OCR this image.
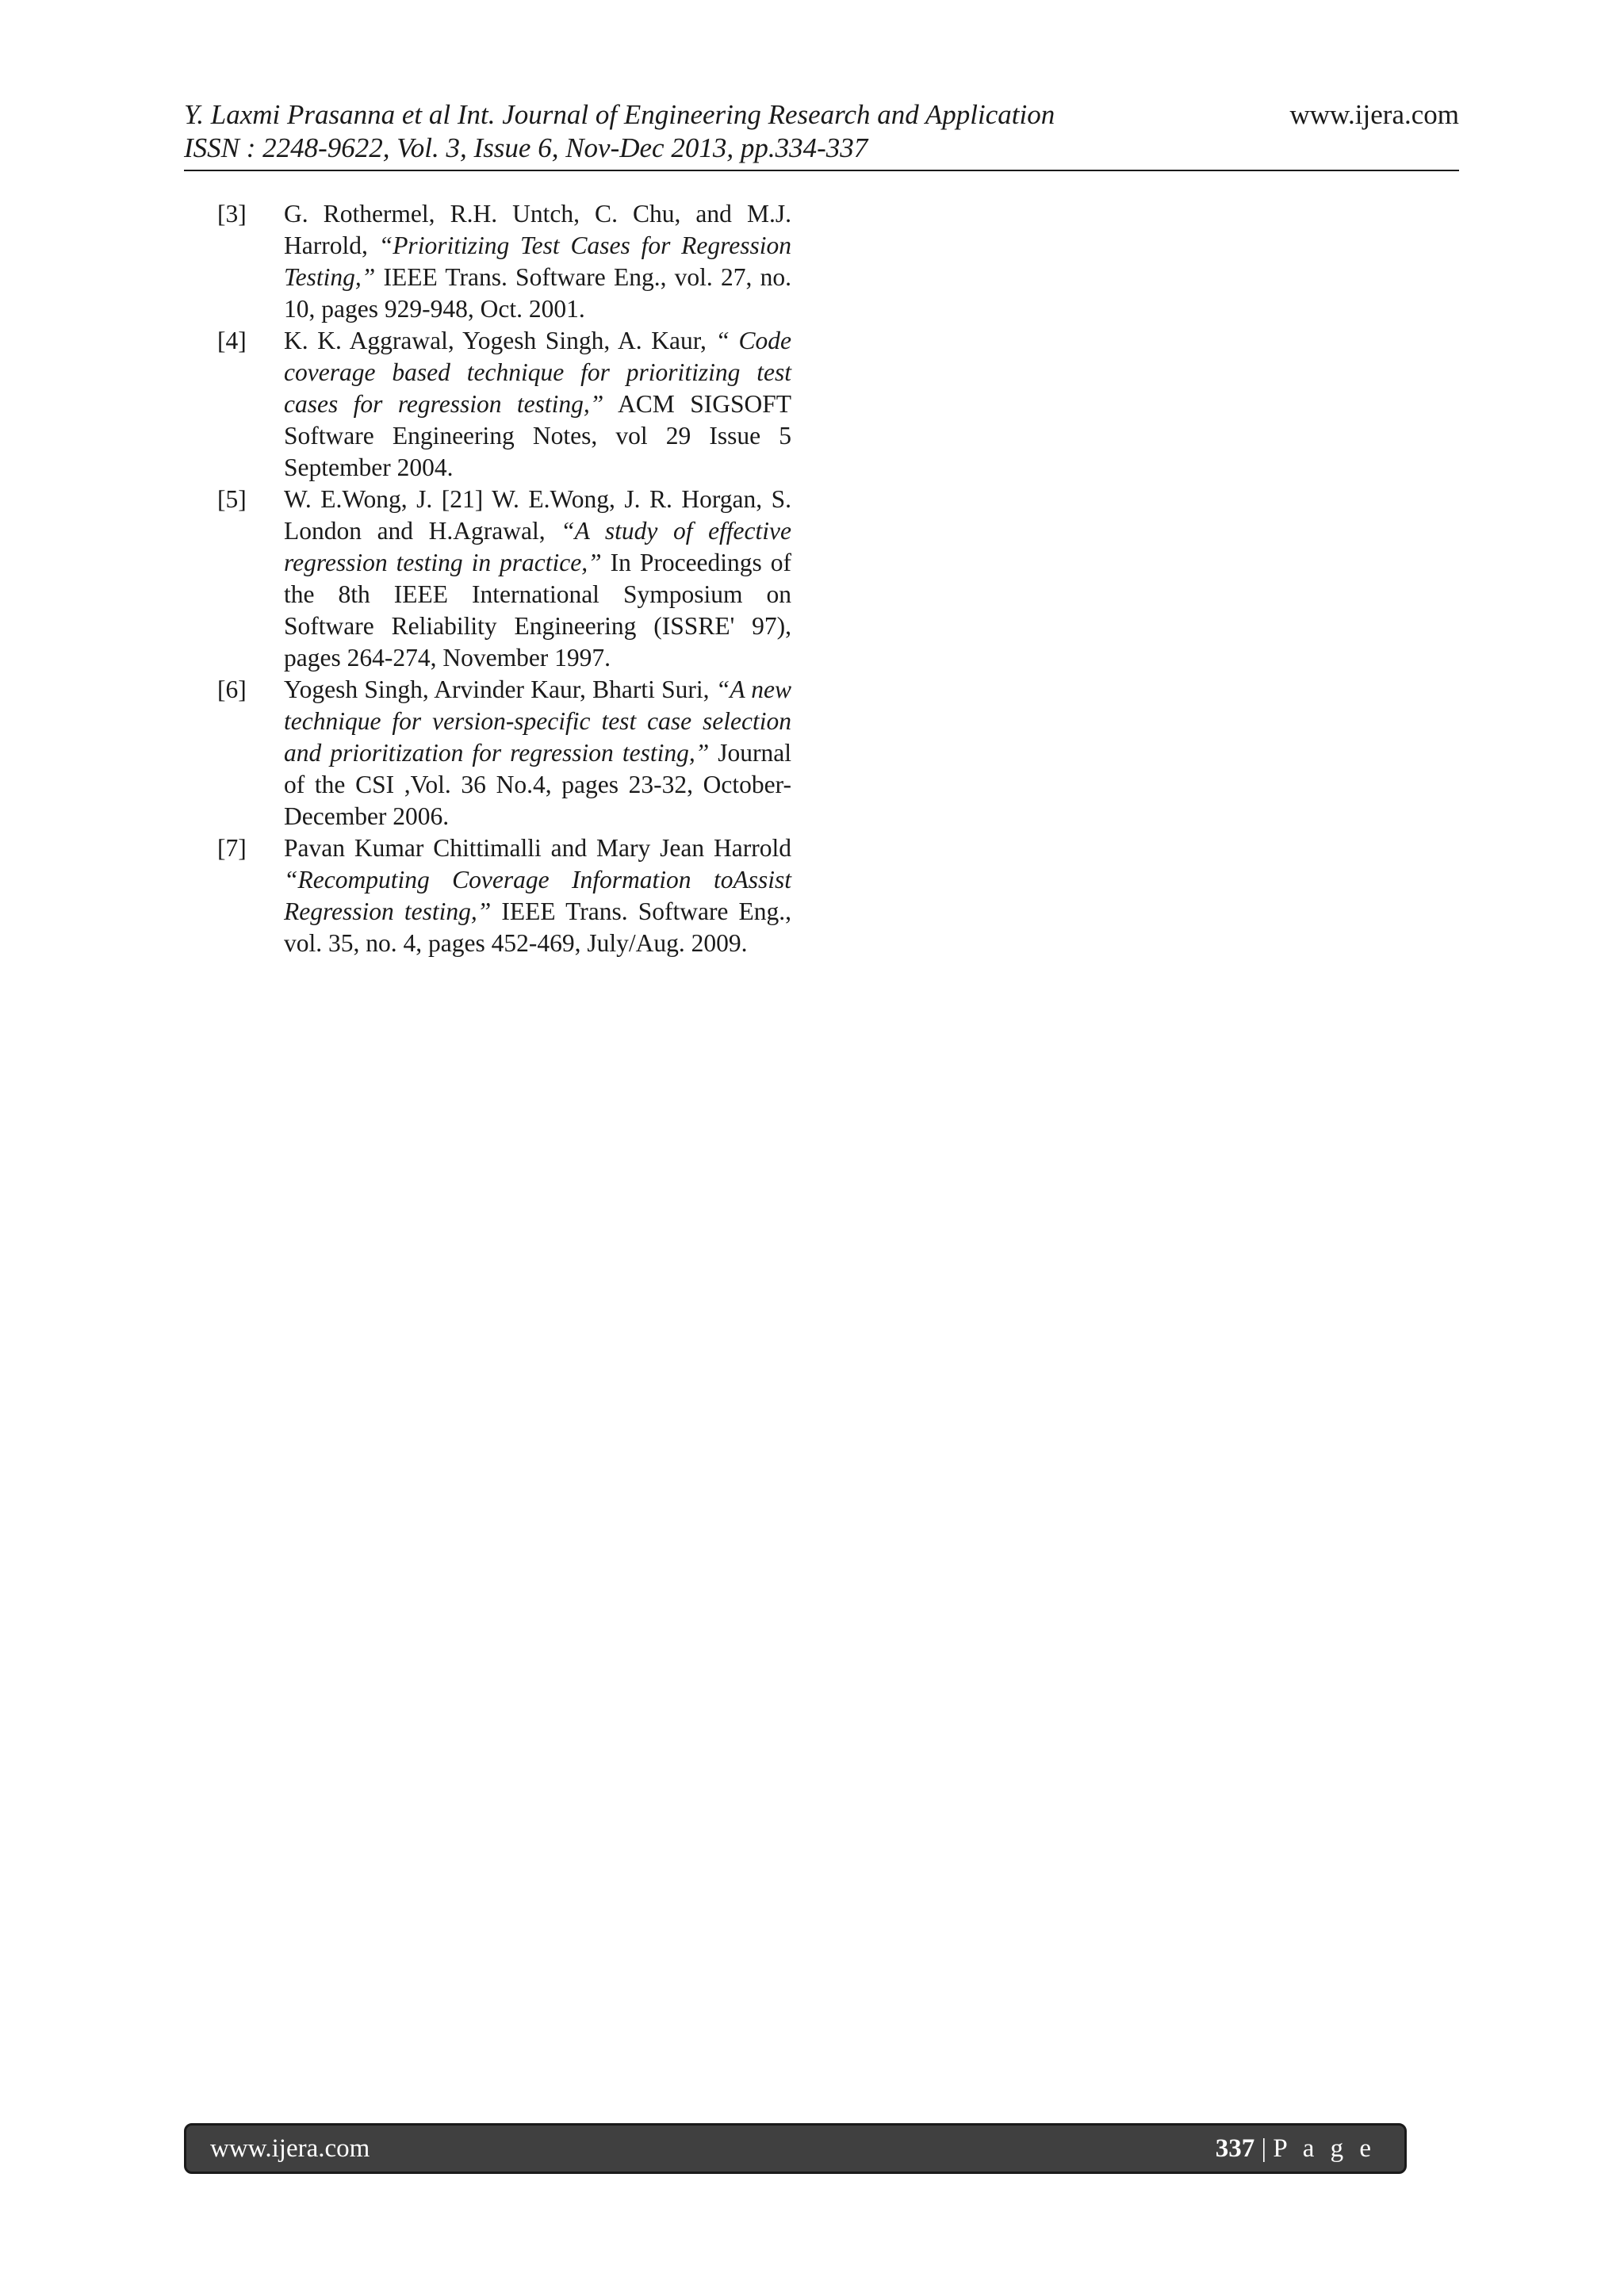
Y. Laxmi Prasanna et al Int. Journal of Engineering Research and Application	www.ijera.com
ISSN : 2248-9622, Vol. 3, Issue 6, Nov-Dec 2013, pp.334-337
[3]	G. Rothermel, R.H. Untch, C. Chu, and M.J. Harrold, “Prioritizing Test Cases for Regression Testing,” IEEE Trans. Software Eng., vol. 27, no. 10, pages 929-948, Oct. 2001.
[4]	K. K. Aggrawal, Yogesh Singh, A. Kaur, “ Code coverage based technique for prioritizing test cases for regression testing,” ACM SIGSOFT Software Engineering Notes, vol 29 Issue 5 September 2004.
[5]	W. E.Wong, J. [21] W. E.Wong, J. R. Horgan, S. London and H.Agrawal, “A study of effective regression testing in practice,” In Proceedings of the 8th IEEE International Symposium on Software Reliability Engineering (ISSRE' 97), pages 264-274, November 1997.
[6]	Yogesh Singh, Arvinder Kaur, Bharti Suri, “A new technique for version-specific test case selection and prioritization for regression testing,” Journal of the CSI ,Vol. 36 No.4, pages 23-32, October-December 2006.
[7]	Pavan Kumar Chittimalli and Mary Jean Harrold “Recomputing Coverage Information toAssist Regression testing,” IEEE Trans. Software Eng., vol. 35, no. 4, pages 452-469, July/Aug. 2009.
www.ijera.com	337 | P a g e
